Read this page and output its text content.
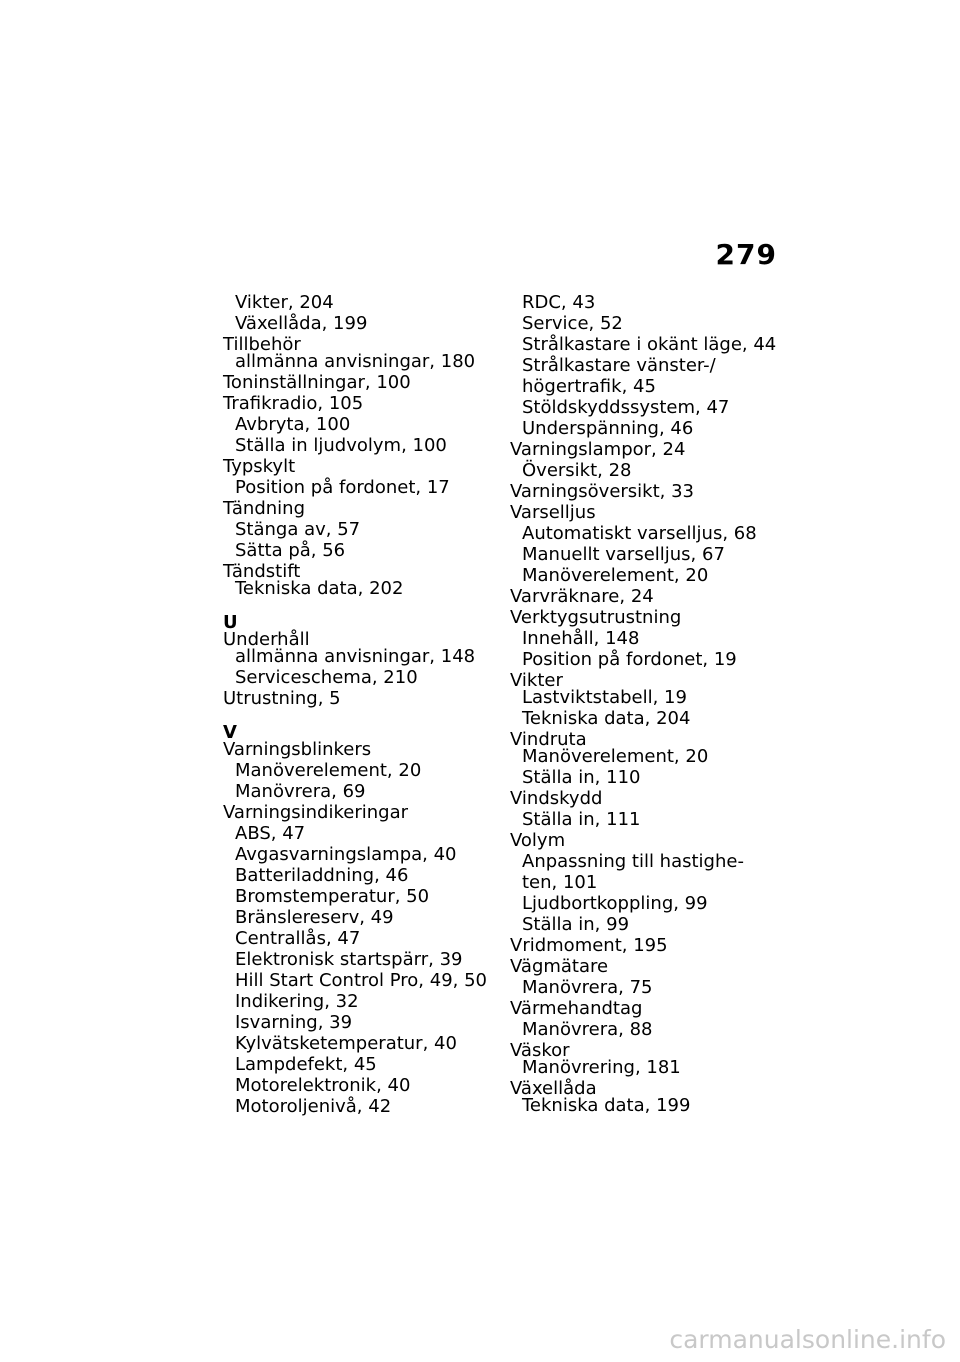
279
Vikter, 204
Växellåda, 199
Tillbehör
allmänna anvisningar, 180
Toninställningar, 100
Trafikradio, 105
Avbryta, 100
Ställa in ljudvolym, 100
Typskylt
Position på fordonet, 17
Tändning
Stänga av, 57
Sätta på, 56
Tändstift
Tekniska data, 202
U
Underhåll
allmänna anvisningar, 148
Serviceschema, 210
Utrustning, 5
V
Varningsblinkers
Manöverelement, 20
Manövrera, 69
Varningsindikeringar
ABS, 47
Avgasvarningslampa, 40
Batteriladdning, 46
Bromstemperatur, 50
Bränslereserv, 49
Centrallås, 47
Elektronisk startspärr, 39
Hill Start Control Pro, 49, 50
Indikering, 32
Isvarning, 39
Kylvätsketemperatur, 40
Lampdefekt, 45
Motorelektronik, 40
Motoroljenivå, 42
RDC, 43
Service, 52
Strålkastare i okänt läge, 44
Strålkastare vänster-/
högertrafik, 45
Stöldskyddssystem, 47
Underspänning, 46
Varningslampor, 24
Översikt, 28
Varningsöversikt, 33
Varselljus
Automatiskt varselljus, 68
Manuellt varselljus, 67
Manöverelement, 20
Varvräknare, 24
Verktygsutrustning
Innehåll, 148
Position på fordonet, 19
Vikter
Lastviktstabell, 19
Tekniska data, 204
Vindruta
Manöverelement, 20
Ställa in, 110
Vindskydd
Ställa in, 111
Volym
Anpassning till hastighe-
ten, 101
Ljudbortkoppling, 99
Ställa in, 99
Vridmoment, 195
Vägmätare
Manövrera, 75
Värmehandtag
Manövrera, 88
Väskor
Manövrering, 181
Växellåda
Tekniska data, 199
carmanualsonline.info
